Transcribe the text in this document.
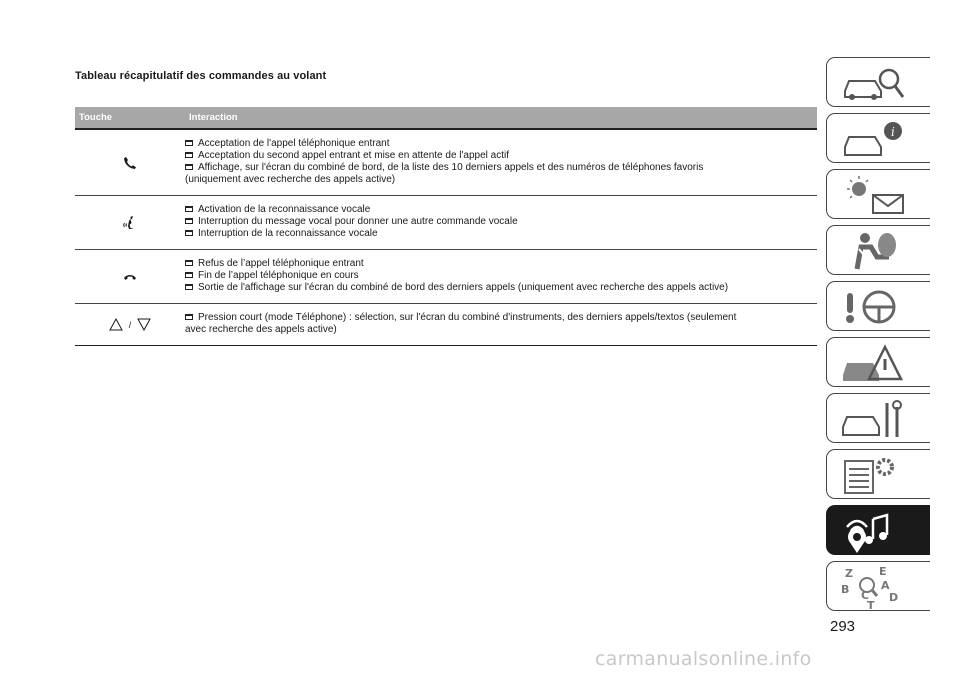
Tableau récapitulatif des commandes au volant
Touche	Interaction
Acceptation de l'appel téléphonique entrant
Acceptation du second appel entrant et mise en attente de l'appel actif
Affichage, sur l'écran du combiné de bord, de la liste des 10 derniers appels et des numéros de téléphones favoris
(uniquement avec recherche des appels active)
Activation de la reconnaissance vocale
Interruption du message vocal pour donner une autre commande vocale
Interruption de la reconnaissance vocale
Refus de l’appel téléphonique entrant
Fin de l’appel téléphonique en cours
Sortie de l'affichage sur l'écran du combiné de bord des derniers appels (uniquement avec recherche des appels active)
/
Pression court (mode Téléphone) : sélection, sur l'écran du combiné d'instruments, des derniers appels/textos (seulement
avec recherche des appels active)
i
Z E
A
B C
T
D
293
carmanualsonline.info
